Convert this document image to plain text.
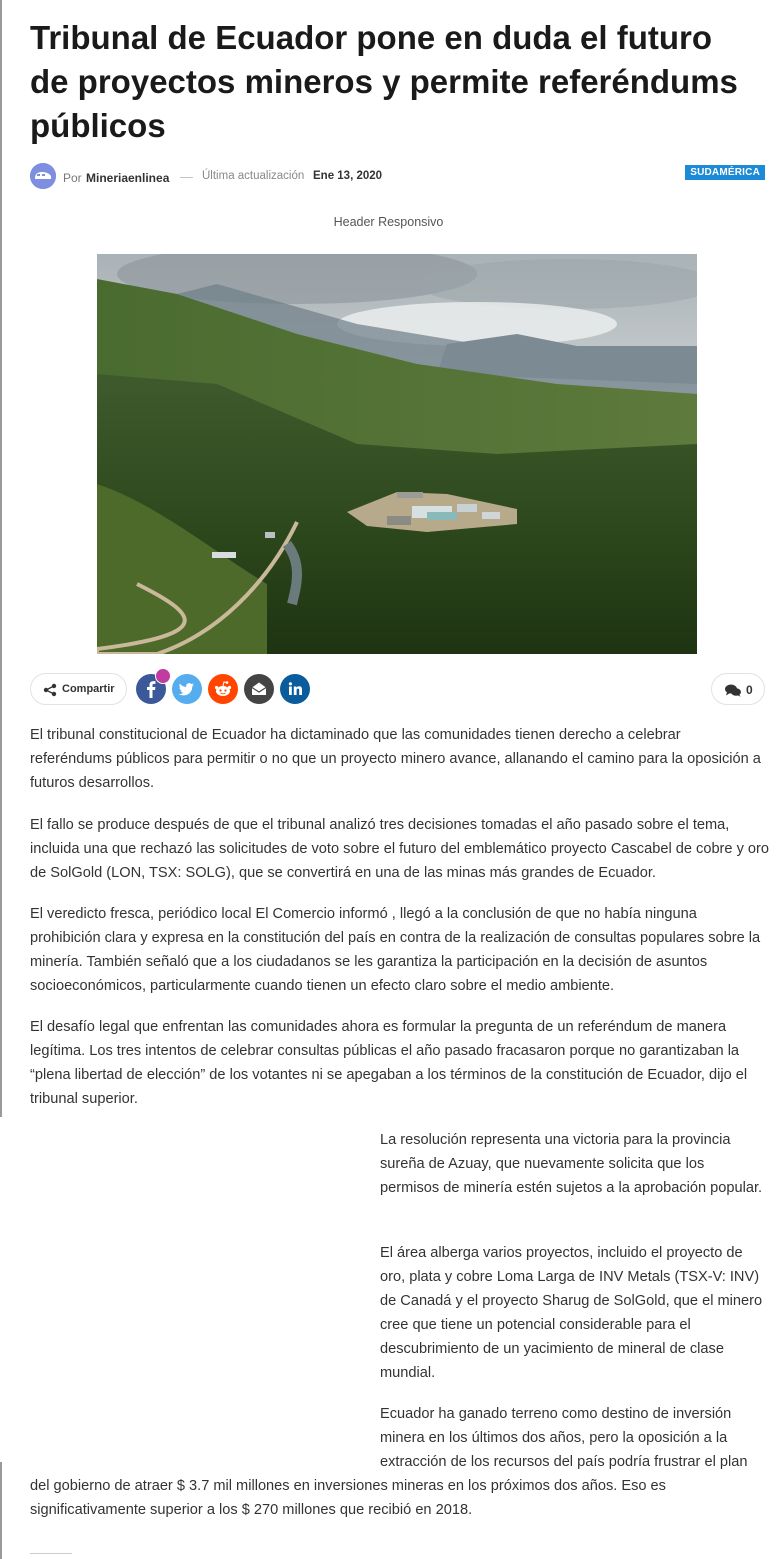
Tribunal de Ecuador pone en duda el futuro de proyectos mineros y permite referéndums públicos
Por Mineriaenlinea — Última actualización Ene 13, 2020	SUDAMÉRICA
Header Responsivo
Compartir	0

El tribunal constitucional de Ecuador ha dictaminado que las comunidades tienen derecho a celebrar referéndums públicos para permitir o no que un proyecto minero avance, allanando el camino para la oposición a futuros desarrollos.

El fallo se produce después de que el tribunal analizó tres decisiones tomadas el año pasado sobre el tema, incluida una que rechazó las solicitudes de voto sobre el futuro del emblemático proyecto Cascabel de cobre y oro de SolGold (LON, TSX: SOLG), que se convertirá en una de las minas más grandes de Ecuador.

El veredicto fresca, periódico local El Comercio informó , llegó a la conclusión de que no había ninguna prohibición clara y expresa en la constitución del país en contra de la realización de consultas populares sobre la minería. También señaló que a los ciudadanos se les garantiza la participación en la decisión de asuntos socioeconómicos, particularmente cuando tienen un efecto claro sobre el medio ambiente.

El desafío legal que enfrentan las comunidades ahora es formular la pregunta de un referéndum de manera legítima. Los tres intentos de celebrar consultas públicas el año pasado fracasaron porque no garantizaban la “plena libertad de elección” de los votantes ni se apegaban a los términos de la constitución de Ecuador, dijo el tribunal superior.

La resolución representa una victoria para la provincia sureña de Azuay, que nuevamente solicita que los permisos de minería estén sujetos a la aprobación popular.

El área alberga varios proyectos, incluido el proyecto de oro, plata y cobre Loma Larga de INV Metals (TSX-V: INV) de Canadá y el proyecto Sharug de SolGold, que el minero cree que tiene un potencial considerable para el descubrimiento de un yacimiento de mineral de clase mundial.

Ecuador ha ganado terreno como destino de inversión minera en los últimos dos años, pero la oposición a la extracción de los recursos del país podría frustrar el plan

del gobierno de atraer $ 3.7 mil millones en inversiones mineras en los próximos dos años. Eso es significativamente superior a los $ 270 millones que recibió en 2018.
